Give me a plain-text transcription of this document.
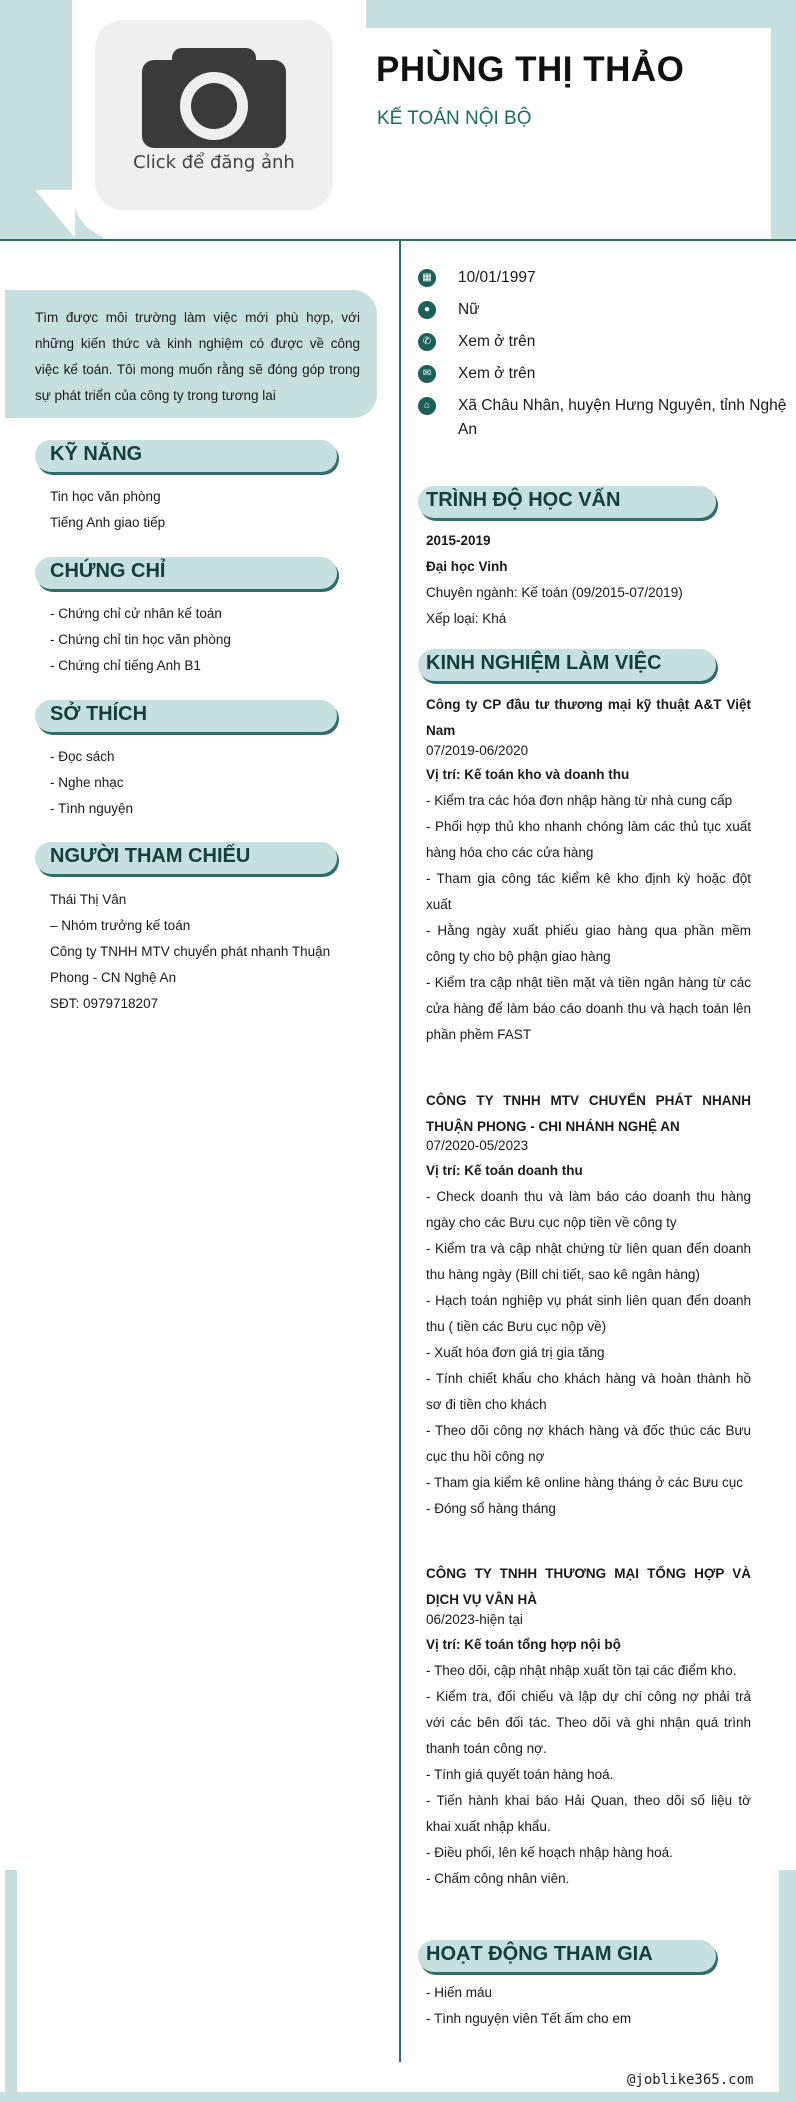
Click để đăng ảnh
PHÙNG THỊ THẢO
KẾ TOÁN NỘI BỘ
Tìm được môi trường làm việc mới phù hợp, với những kiến thức và kinh nghiệm có được về công việc kế toán. Tôi mong muốn rằng sẽ đóng góp trong sự phát triển của công ty trong tương lai
KỸ NĂNG
Tin học văn phòng
Tiếng Anh giao tiếp
CHỨNG CHỈ
- Chứng chỉ cử nhân kế toán
- Chứng chỉ tin học văn phòng
- Chứng chỉ tiếng Anh B1
SỞ THÍCH
- Đọc sách
- Nghe nhạc
- Tình nguyện
NGƯỜI THAM CHIẾU
Thái Thị Vân
– Nhóm trưởng kế toán
Công ty TNHH MTV chuyển phát nhanh Thuận Phong - CN Nghệ An
SĐT: 0979718207
▦ 10/01/1997
●	Nữ
✆	Xem ở trên
✉	Xem ở trên
⌂	Xã Châu Nhân, huyện Hưng Nguyên, tỉnh Nghệ An
TRÌNH ĐỘ HỌC VẤN
2015-2019
Đại học Vinh
Chuyên ngành: Kế toán (09/2015-07/2019)
Xếp loại: Khá
KINH NGHIỆM LÀM VIỆC
Công ty CP đầu tư thương mại kỹ thuật A&T Việt Nam
07/2019-06/2020
Vị trí: Kế toán kho và doanh thu
- Kiểm tra các hóa đơn nhập hàng từ nhà cung cấp
- Phối hợp thủ kho nhanh chóng làm các thủ tục xuất hàng hóa cho các cửa hàng
- Tham gia công tác kiểm kê kho định kỳ hoặc đột xuất
- Hằng ngày xuất phiếu giao hàng qua phần mềm công ty cho bộ phận giao hàng
- Kiểm tra cập nhật tiền mặt và tiền ngân hàng từ các cửa hàng để làm báo cáo doanh thu và hạch toán lên phần phềm FAST
CÔNG TY TNHH MTV CHUYỂN PHÁT NHANH THUẬN PHONG - CHI NHÁNH NGHỆ AN
07/2020-05/2023
Vị trí: Kế toán doanh thu
- Check doanh thu và làm báo cáo doanh thu hàng ngày cho các Bưu cục nộp tiền về công ty
- Kiểm tra và cập nhật chứng từ liên quan đến doanh thu hàng ngày (Bill chi tiết, sao kê ngân hàng)
- Hạch toán nghiệp vụ phát sinh liên quan đến doanh thu ( tiền các Bưu cục nộp về)
- Xuất hóa đơn giá trị gia tăng
- Tính chiết khấu cho khách hàng và hoàn thành hồ sơ đi tiền cho khách
- Theo dõi công nợ khách hàng và đốc thúc các Bưu cục thu hồi công nợ
- Tham gia kiểm kê online hàng tháng ở các Bưu cục
- Đóng sổ hàng tháng
CÔNG TY TNHH THƯƠNG MẠI TỔNG HỢP VÀ DỊCH VỤ VÂN HÀ
06/2023-hiện tại
Vị trí: Kế toán tổng hợp nội bộ
- Theo dõi, cập nhật nhập xuất tồn tại các điểm kho.
- Kiểm tra, đối chiếu và lập dự chi công nợ phải trả với các bên đối tác. Theo dõi và ghi nhận quá trình thanh toán công nợ.
- Tính giá quyết toán hàng hoá.
- Tiến hành khai báo Hải Quan, theo dõi số liệu tờ khai xuất nhập khẩu.
- Điều phối, lên kế hoạch nhập hàng hoá.
- Chấm công nhân viên.
HOẠT ĐỘNG THAM GIA
- Hiến máu
- Tình nguyện viên Tết ấm cho em
@joblike365.com
